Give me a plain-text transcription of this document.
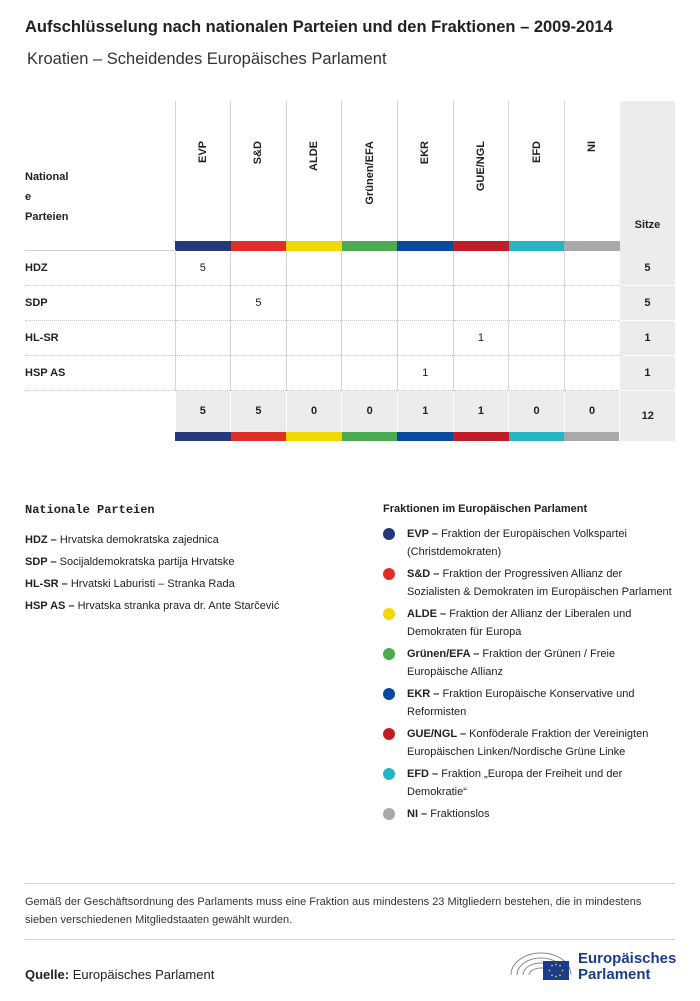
Aufschlüsselung nach nationalen Parteien und den Fraktionen – 2009-2014
Kroatien – Scheidendes Europäisches Parlament
National
e
Parteien	EVP	S&D	ALDE	Grünen/EFA	EKR	GUE/NGL	EFD	NI	Sitze

HDZ	5								5
SDP		5							5
HL-SR						1			1
HSP AS					1				1
	5	5	0	0	1	1	0	0	12

Nationale Parteien
HDZ – Hrvatska demokratska zajednica
SDP – Socijaldemokratska partija Hrvatske
HL-SR – Hrvatski Laburisti – Stranka Rada
HSP AS – Hrvatska stranka prava dr. Ante Starčević
Fraktionen im Europäischen Parlament
EVP – Fraktion der Europäischen Volkspartei (Christdemokraten)
S&D – Fraktion der Progressiven Allianz der Sozialisten & Demokraten im Europäischen Parlament
ALDE – Fraktion der Allianz der Liberalen und Demokraten für Europa
Grünen/EFA – Fraktion der Grünen / Freie Europäische Allianz
EKR – Fraktion Europäische Konservative und Reformisten
GUE/NGL – Konföderale Fraktion der Vereinigten Europäischen Linken/Nordische Grüne Linke
EFD – Fraktion „Europa der Freiheit und der Demokratie“
NI – Fraktionslos
Gemäß der Geschäftsordnung des Parlaments muss eine Fraktion aus mindestens 23 Mitgliedern bestehen, die in mindestens sieben verschiedenen Mitgliedstaaten gewählt wurden.
Quelle: Europäisches Parlament
Europäisches
Parlament
